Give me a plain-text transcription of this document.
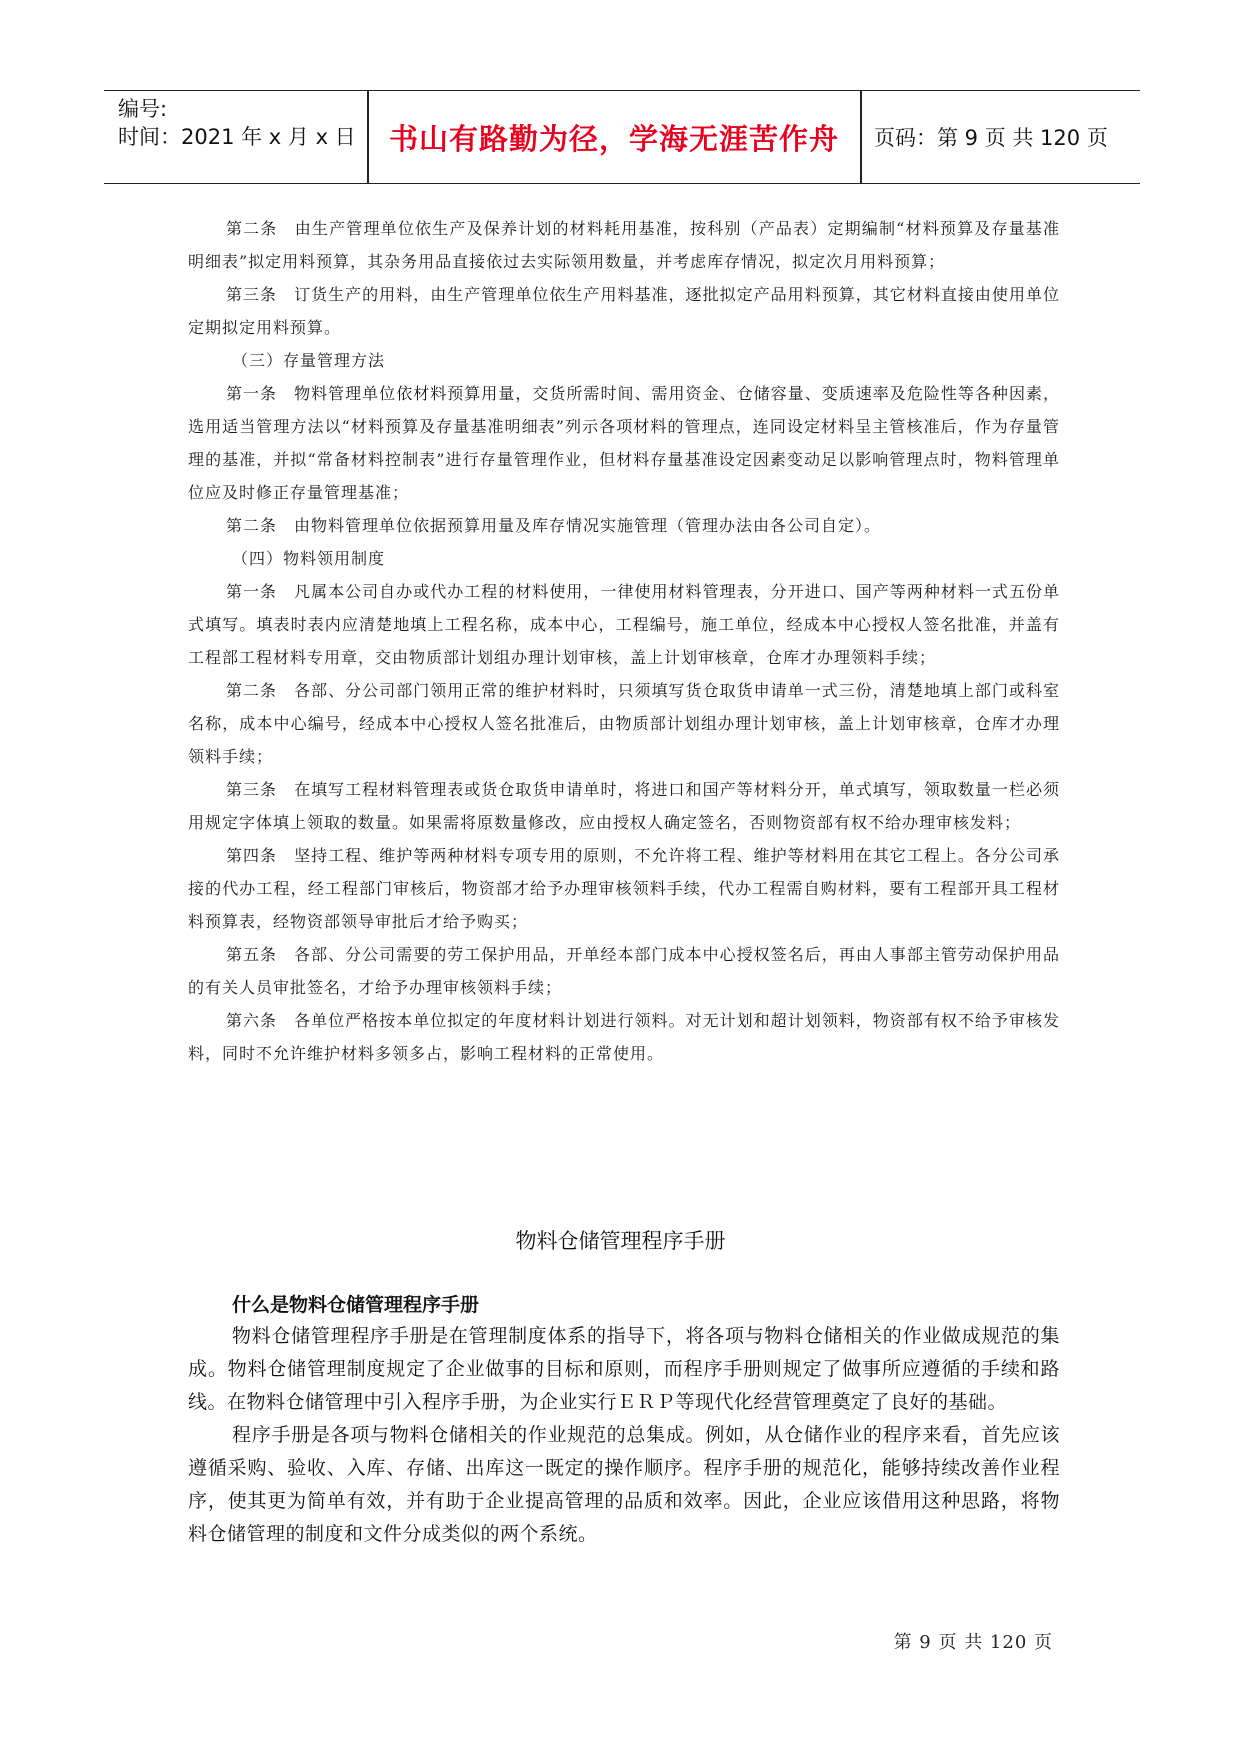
编号:
时间：2021 年 x 月 x 日	书山有路勤为径，学海无涯苦作舟	页码：第 9 页 共 120 页

第二条　由生产管理单位依生产及保养计划的材料耗用基准，按科别（产品表）定期编制“材料预算及存量基准明细表”拟定用料预算，其杂务用品直接依过去实际领用数量，并考虑库存情况，拟定次月用料预算；

第三条　订货生产的用料，由生产管理单位依生产用料基准，逐批拟定产品用料预算，其它材料直接由使用单位定期拟定用料预算。

（三）存量管理方法

第一条　物料管理单位依材料预算用量，交货所需时间、需用资金、仓储容量、变质速率及危险性等各种因素，选用适当管理方法以“材料预算及存量基准明细表”列示各项材料的管理点，连同设定材料呈主管核准后，作为存量管理的基准，并拟“常备材料控制表”进行存量管理作业，但材料存量基准设定因素变动足以影响管理点时，物料管理单位应及时修正存量管理基准；

第二条　由物料管理单位依据预算用量及库存情况实施管理（管理办法由各公司自定）。

（四）物料领用制度

第一条　凡属本公司自办或代办工程的材料使用，一律使用材料管理表，分开进口、国产等两种材料一式五份单式填写。填表时表内应清楚地填上工程名称，成本中心，工程编号，施工单位，经成本中心授权人签名批准，并盖有工程部工程材料专用章，交由物质部计划组办理计划审核，盖上计划审核章，仓库才办理领料手续；

第二条　各部、分公司部门领用正常的维护材料时，只须填写货仓取货申请单一式三份，清楚地填上部门或科室名称，成本中心编号，经成本中心授权人签名批准后，由物质部计划组办理计划审核，盖上计划审核章，仓库才办理领料手续；

第三条　在填写工程材料管理表或货仓取货申请单时，将进口和国产等材料分开，单式填写，领取数量一栏必须用规定字体填上领取的数量。如果需将原数量修改，应由授权人确定签名，否则物资部有权不给办理审核发料；

第四条　坚持工程、维护等两种材料专项专用的原则，不允许将工程、维护等材料用在其它工程上。各分公司承接的代办工程，经工程部门审核后，物资部才给予办理审核领料手续，代办工程需自购材料，要有工程部开具工程材料预算表，经物资部领导审批后才给予购买；

第五条　各部、分公司需要的劳工保护用品，开单经本部门成本中心授权签名后，再由人事部主管劳动保护用品的有关人员审批签名，才给予办理审核领料手续；

第六条　各单位严格按本单位拟定的年度材料计划进行领料。对无计划和超计划领料，物资部有权不给予审核发料，同时不允许维护材料多领多占，影响工程材料的正常使用。

物料仓储管理程序手册
什么是物料仓储管理程序手册

物料仓储管理程序手册是在管理制度体系的指导下，将各项与物料仓储相关的作业做成规范的集成。物料仓储管理制度规定了企业做事的目标和原则，而程序手册则规定了做事所应遵循的手续和路线。在物料仓储管理中引入程序手册，为企业实行ＥＲＰ等现代化经营管理奠定了良好的基础。

程序手册是各项与物料仓储相关的作业规范的总集成。例如，从仓储作业的程序来看，首先应该遵循采购、验收、入库、存储、出库这一既定的操作顺序。程序手册的规范化，能够持续改善作业程序，使其更为简单有效，并有助于企业提高管理的品质和效率。因此，企业应该借用这种思路，将物料仓储管理的制度和文件分成类似的两个系统。

第 9 页 共 120 页
